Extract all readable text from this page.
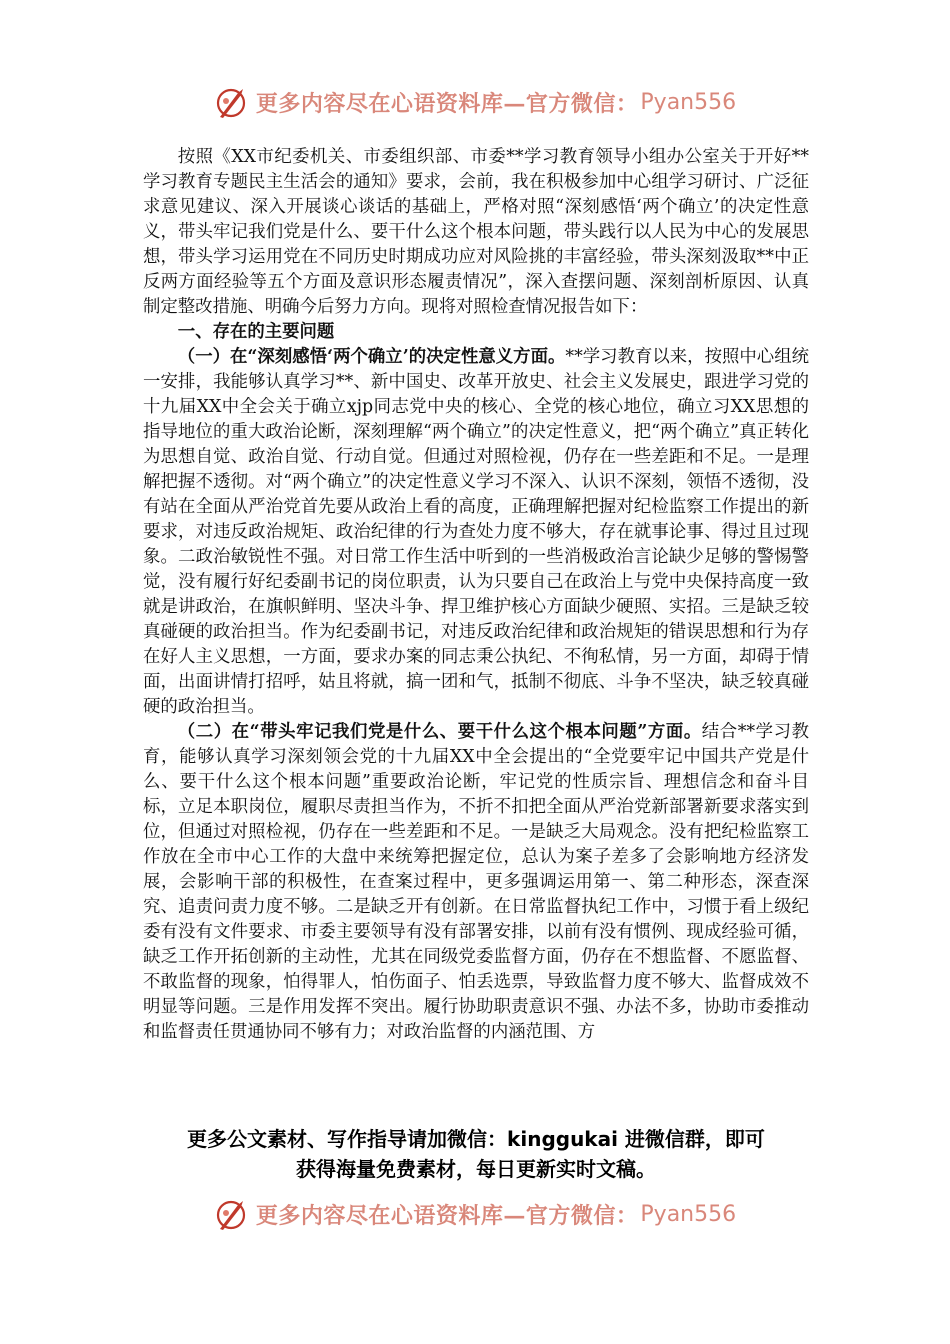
更多内容尽在心语资料库—官方微信： Pyan556

按照《XX市纪委机关、市委组织部、市委**学习教育领导小组办公室关于开好**学习教育专题民主生活会的通知》要求，会前，我在积极参加中心组学习研讨、广泛征求意见建议、深入开展谈心谈话的基础上，严格对照“深刻感悟‘两个确立’的决定性意义，带头牢记我们党是什么、要干什么这个根本问题，带头践行以人民为中心的发展思想，带头学习运用党在不同历史时期成功应对风险挑的丰富经验，带头深刻汲取**中正反两方面经验等五个方面及意识形态履责情况”，深入查摆问题、深刻剖析原因、认真制定整改措施、明确今后努力方向。现将对照检查情况报告如下：

一、存在的主要问题

（一）在“深刻感悟‘两个确立’的决定性意义方面。**学习教育以来，按照中心组统一安排，我能够认真学习**、新中国史、改革开放史、社会主义发展史，跟进学习党的十九届XX中全会关于确立xjp同志党中央的核心、全党的核心地位，确立习XX思想的指导地位的重大政治论断，深刻理解“两个确立”的决定性意义，把“两个确立”真正转化为思想自觉、政治自觉、行动自觉。但通过对照检视，仍存在一些差距和不足。一是理解把握不透彻。对“两个确立”的决定性意义学习不深入、认识不深刻，领悟不透彻，没有站在全面从严治党首先要从政治上看的高度，正确理解把握对纪检监察工作提出的新要求，对违反政治规矩、政治纪律的行为查处力度不够大，存在就事论事、得过且过现象。二政治敏锐性不强。对日常工作生活中听到的一些消极政治言论缺少足够的警惕警觉，没有履行好纪委副书记的岗位职责，认为只要自己在政治上与党中央保持高度一致就是讲政治，在旗帜鲜明、坚决斗争、捍卫维护核心方面缺少硬照、实招。三是缺乏较真碰硬的政治担当。作为纪委副书记，对违反政治纪律和政治规矩的错误思想和行为存在好人主义思想，一方面，要求办案的同志秉公执纪、不徇私情，另一方面，却碍于情面，出面讲情打招呼，姑且将就，搞一团和气，抵制不彻底、斗争不坚决，缺乏较真碰硬的政治担当。

（二）在“带头牢记我们党是什么、要干什么这个根本问题”方面。结合**学习教育，能够认真学习深刻领会党的十九届XX中全会提出的“全党要牢记中国共产党是什么、要干什么这个根本问题”重要政治论断，牢记党的性质宗旨、理想信念和奋斗目标，立足本职岗位，履职尽责担当作为，不折不扣把全面从严治党新部署新要求落实到位，但通过对照检视，仍存在一些差距和不足。一是缺乏大局观念。没有把纪检监察工作放在全市中心工作的大盘中来统筹把握定位，总认为案子差多了会影响地方经济发展，会影响干部的积极性，在查案过程中，更多强调运用第一、第二种形态，深查深究、追责问责力度不够。二是缺乏开有创新。在日常监督执纪工作中，习惯于看上级纪委有没有文件要求、市委主要领导有没有部署安排，以前有没有惯例、现成经验可循，缺乏工作开拓创新的主动性，尤其在同级党委监督方面，仍存在不想监督、不愿监督、不敢监督的现象，怕得罪人，怕伤面子、怕丢选票，导致监督力度不够大、监督成效不明显等问题。三是作用发挥不突出。履行协助职责意识不强、办法不多，协助市委推动和监督责任贯通协同不够有力；对政治监督的内涵范围、方

更多公文素材、写作指导请加微信：kinggukai 进微信群，即可
获得海量免费素材，每日更新实时文稿。
更多内容尽在心语资料库—官方微信： Pyan556
